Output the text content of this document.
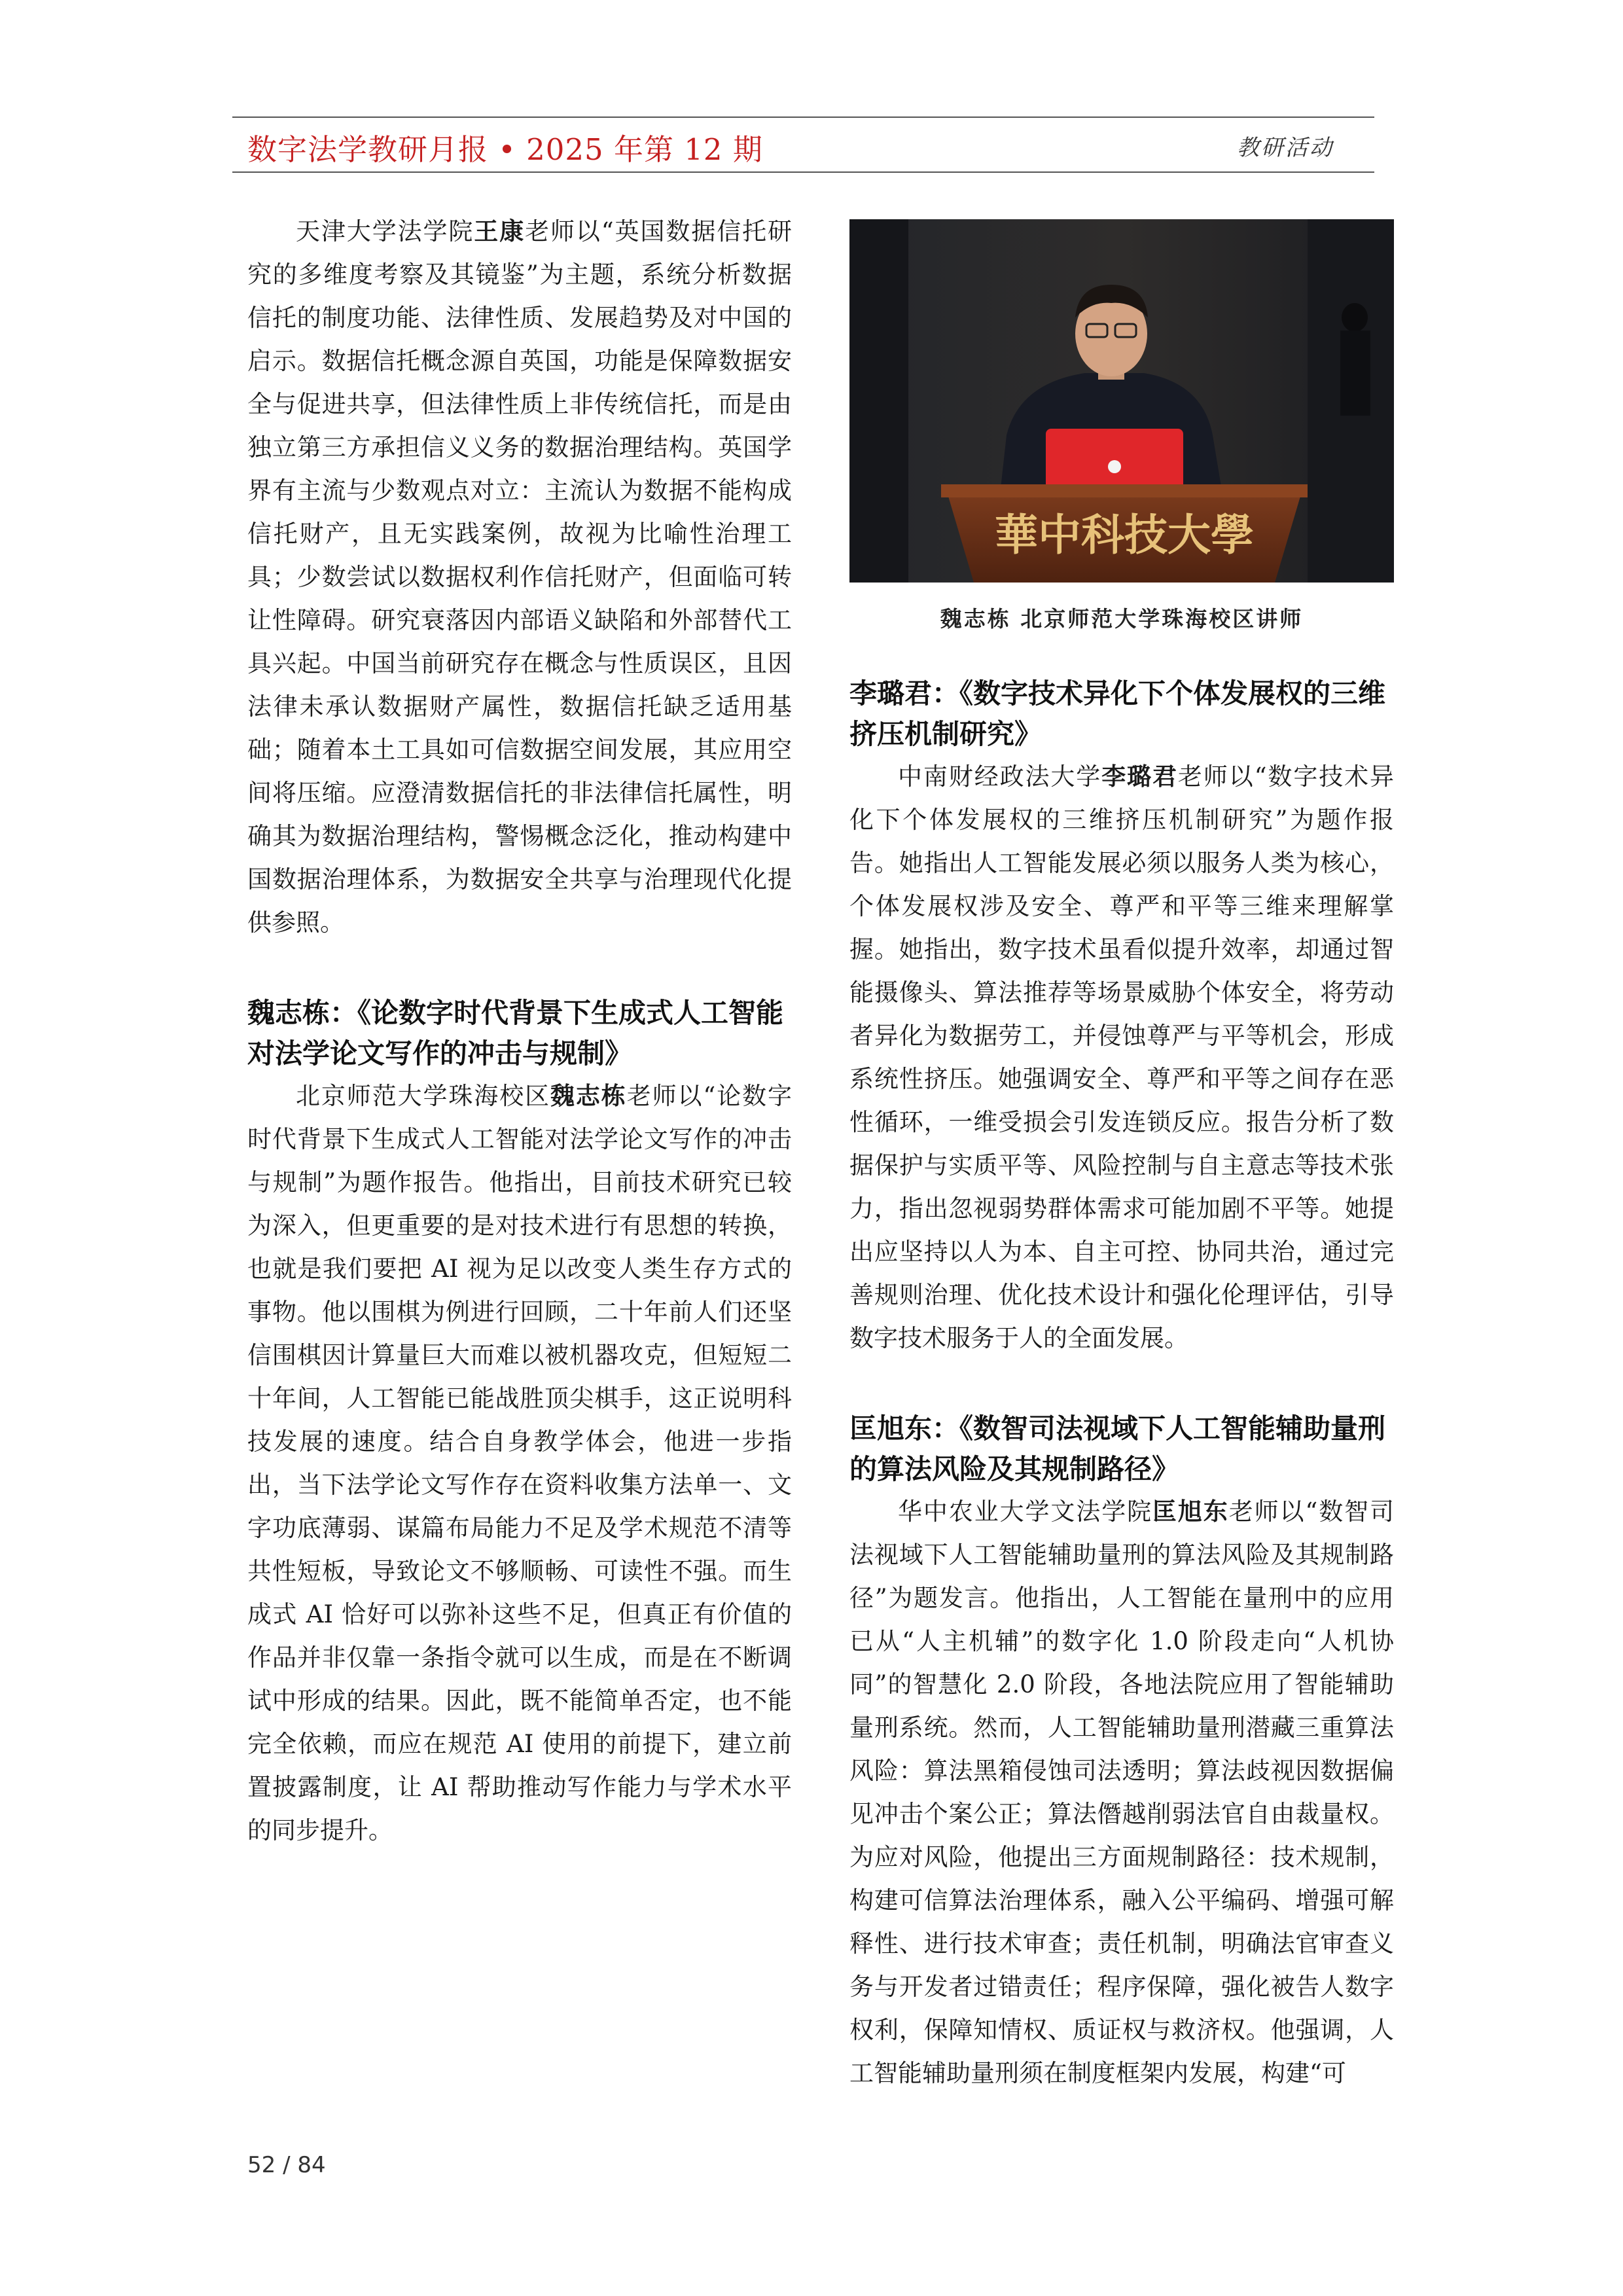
数字法学教研月报 • 2025 年第 12 期	教研活动

天津大学法学院王康老师以“英国数据信托研究的多维度考察及其镜鉴”为主题，系统分析数据信托的制度功能、法律性质、发展趋势及对中国的启示。数据信托概念源自英国，功能是保障数据安全与促进共享，但法律性质上非传统信托，而是由独立第三方承担信义义务的数据治理结构。英国学界有主流与少数观点对立：主流认为数据不能构成信托财产，且无实践案例，故视为比喻性治理工具；少数尝试以数据权利作信托财产，但面临可转让性障碍。研究衰落因内部语义缺陷和外部替代工具兴起。中国当前研究存在概念与性质误区，且因法律未承认数据财产属性，数据信托缺乏适用基础；随着本土工具如可信数据空间发展，其应用空间将压缩。应澄清数据信托的非法律信托属性，明确其为数据治理结构，警惕概念泛化，推动构建中国数据治理体系，为数据安全共享与治理现代化提供参照。

魏志栋：《论数字时代背景下生成式人工智能对法学论文写作的冲击与规制》

北京师范大学珠海校区魏志栋老师以“论数字时代背景下生成式人工智能对法学论文写作的冲击与规制”为题作报告。他指出，目前技术研究已较为深入，但更重要的是对技术进行有思想的转换，也就是我们要把 AI 视为足以改变人类生存方式的事物。他以围棋为例进行回顾，二十年前人们还坚信围棋因计算量巨大而难以被机器攻克，但短短二十年间，人工智能已能战胜顶尖棋手，这正说明科技发展的速度。结合自身教学体会，他进一步指出，当下法学论文写作存在资料收集方法单一、文字功底薄弱、谋篇布局能力不足及学术规范不清等共性短板，导致论文不够顺畅、可读性不强。而生成式 AI 恰好可以弥补这些不足，但真正有价值的作品并非仅靠一条指令就可以生成，而是在不断调试中形成的结果。因此，既不能简单否定，也不能完全依赖，而应在规范 AI 使用的前提下，建立前置披露制度，让 AI 帮助推动写作能力与学术水平的同步提升。

華中科技大學
魏志栋 北京师范大学珠海校区讲师
李璐君：《数字技术异化下个体发展权的三维挤压机制研究》

中南财经政法大学李璐君老师以“数字技术异化下个体发展权的三维挤压机制研究”为题作报告。她指出人工智能发展必须以服务人类为核心，个体发展权涉及安全、尊严和平等三维来理解掌握。她指出，数字技术虽看似提升效率，却通过智能摄像头、算法推荐等场景威胁个体安全，将劳动者异化为数据劳工，并侵蚀尊严与平等机会，形成系统性挤压。她强调安全、尊严和平等之间存在恶性循环，一维受损会引发连锁反应。报告分析了数据保护与实质平等、风险控制与自主意志等技术张力，指出忽视弱势群体需求可能加剧不平等。她提出应坚持以人为本、自主可控、协同共治，通过完善规则治理、优化技术设计和强化伦理评估，引导数字技术服务于人的全面发展。

匡旭东：《数智司法视域下人工智能辅助量刑的算法风险及其规制路径》

华中农业大学文法学院匡旭东老师以“数智司法视域下人工智能辅助量刑的算法风险及其规制路径”为题发言。他指出，人工智能在量刑中的应用已从“人主机辅”的数字化 1.0 阶段走向“人机协同”的智慧化 2.0 阶段，各地法院应用了智能辅助量刑系统。然而，人工智能辅助量刑潜藏三重算法风险：算法黑箱侵蚀司法透明；算法歧视因数据偏见冲击个案公正；算法僭越削弱法官自由裁量权。为应对风险，他提出三方面规制路径：技术规制，构建可信算法治理体系，融入公平编码、增强可解释性、进行技术审查；责任机制，明确法官审查义务与开发者过错责任；程序保障，强化被告人数字权利，保障知情权、质证权与救济权。他强调，人工智能辅助量刑须在制度框架内发展，构建“可

52 / 84
